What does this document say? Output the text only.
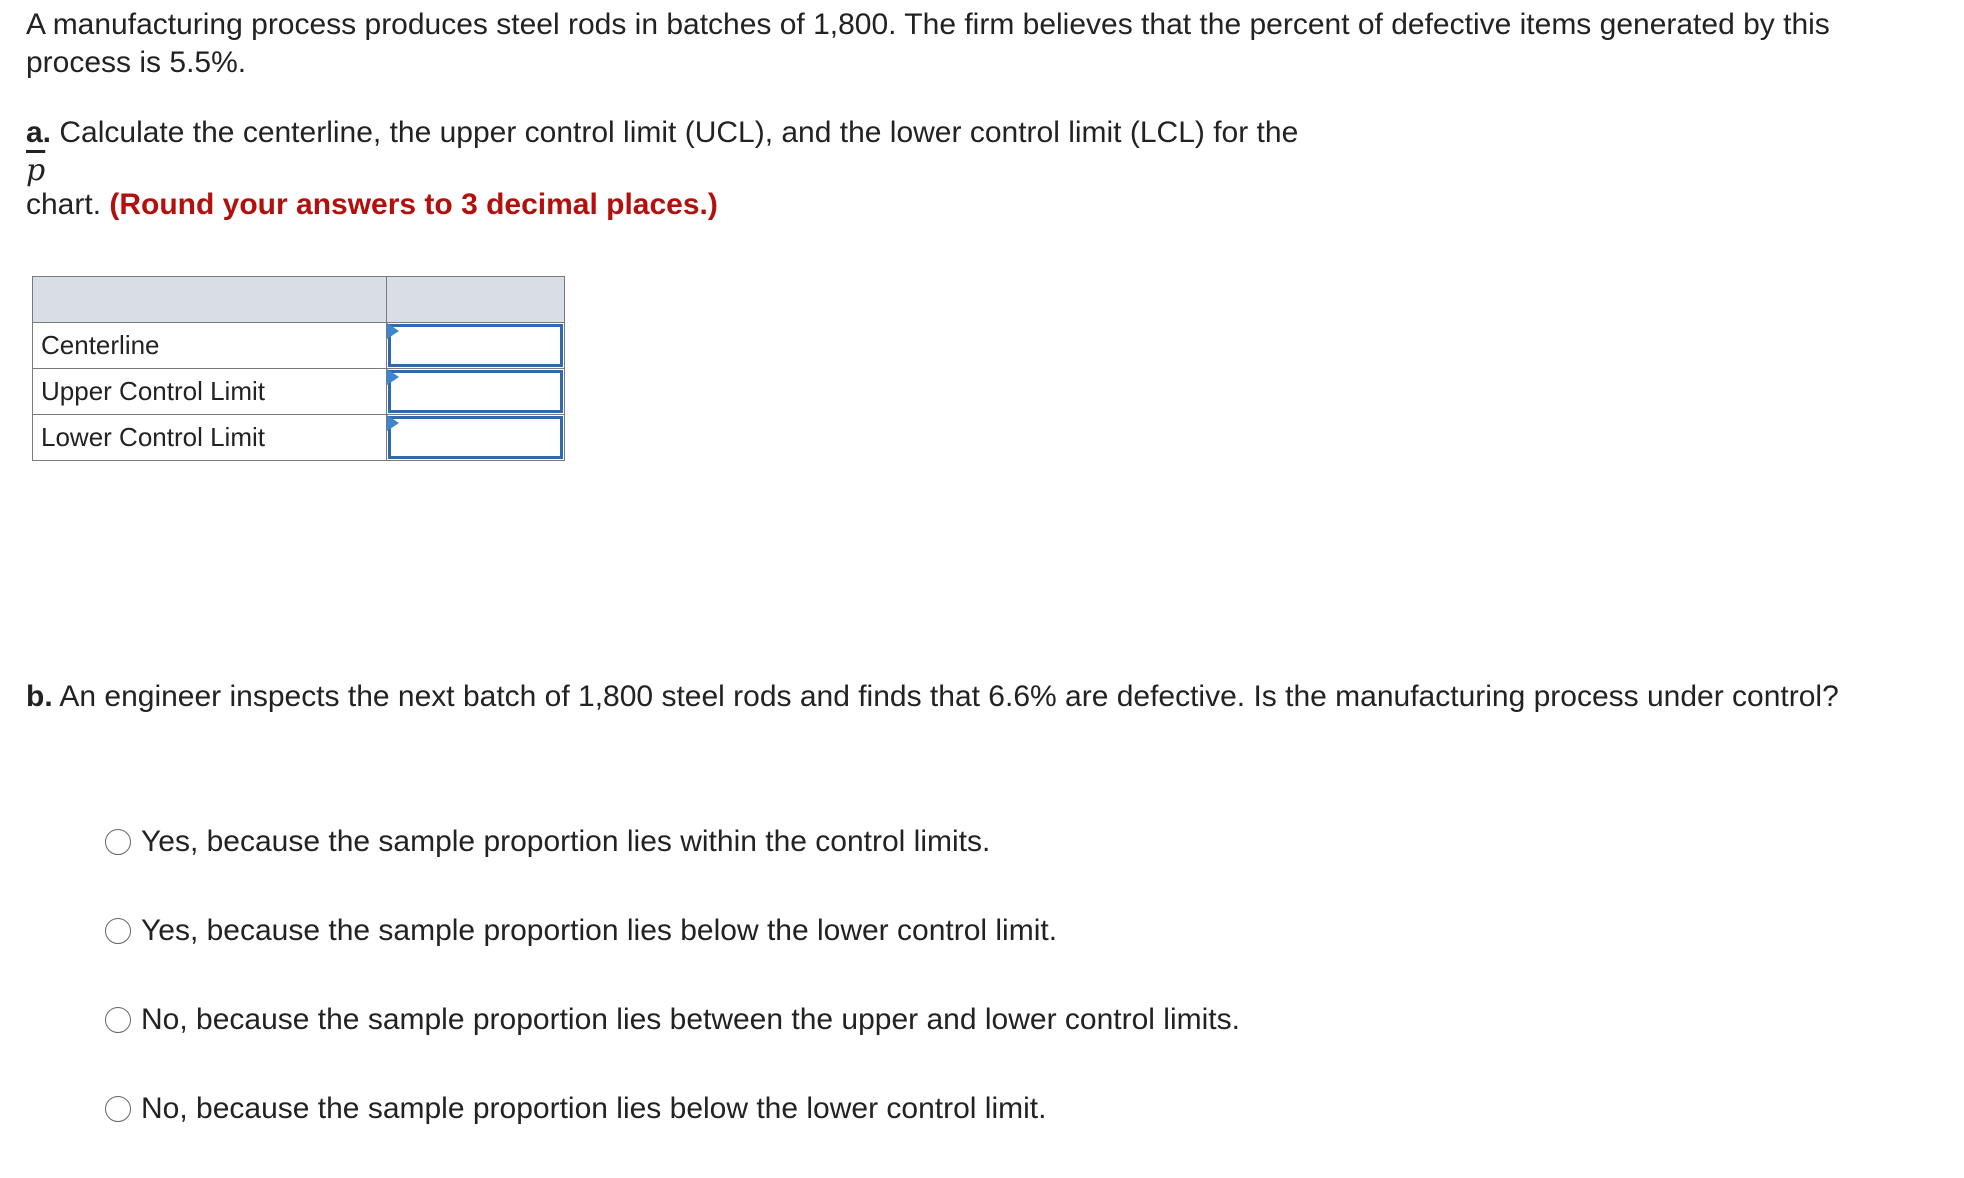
A manufacturing process produces steel rods in batches of 1,800. The firm believes that the percent of defective items generated by this process is 5.5%.

a. Calculate the centerline, the upper control limit (UCL), and the lower control limit (LCL) for the

$\overline{p}$
chart. (Round your answers to 3 decimal places.)

Centerline	

Upper Control Limit	

Lower Control Limit	

b. An engineer inspects the next batch of 1,800 steel rods and finds that 6.6% are defective. Is the manufacturing process under control?

Yes, because the sample proportion lies within the control limits.
Yes, because the sample proportion lies below the lower control limit.
No, because the sample proportion lies between the upper and lower control limits.
No, because the sample proportion lies below the lower control limit.
